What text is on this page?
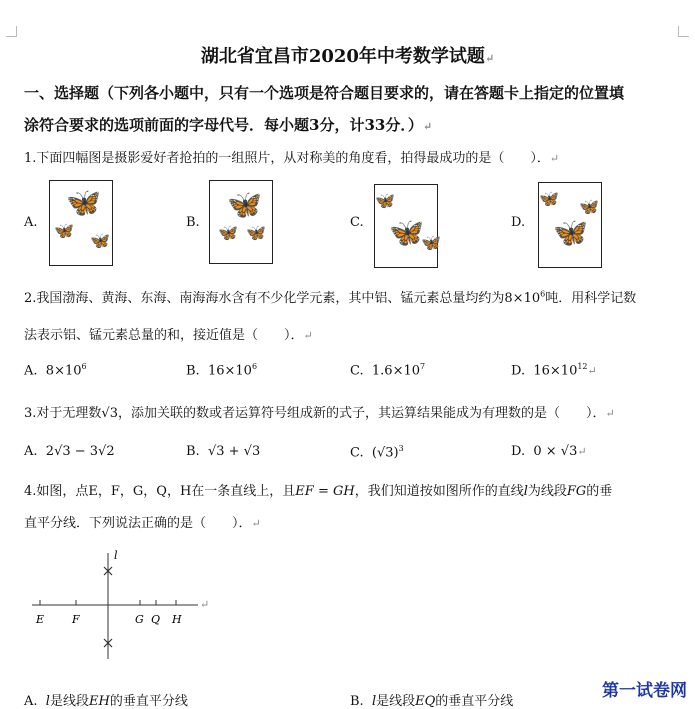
湖北省宜昌市2020年中考数学试题↵
一、选择题（下列各小题中，只有一个选项是符合题目要求的，请在答题卡上指定的位置填
涂符合要求的选项前面的字母代号．每小题3分，计33分．）↵
1.下面四幅图是摄影爱好者抢拍的一组照片，从对称美的角度看，拍得最成功的是（　　）．↵
A.
🦋
🦋
🦋
B.
🦋
🦋 🦋
C.
🦋
🦋
🦋
D.
🦋 🦋
🦋
2.我国渤海、黄海、东海、南海海水含有不少化学元素，其中铝、锰元素总量均约为$8\times 10^6$吨．用科学记数
法表示铝、锰元素总量的和，接近值是（　　）．↵
A. $8\times 10^6$	B. $16\times 10^6$	C. $1.6\times 10^7$	D. $16\times 10^{12}↵$
3.对于无理数√3，添加关联的数或者运算符号组成新的式子，其运算结果能成为有理数的是（　　）．↵
A. 2√3 − 3√2	B. √3 + √3	C. $(√3)^3$	D. 0 × √3↵
4.如图，点E，F，G，Q，H在一条直线上，且EF = GH，我们知道按如图所作的直线l为线段FG的垂
直平分线．下列说法正确的是（　　）．↵
l
E	F	G Q H
↵
A. l是线段EH的垂直平分线	B. l是线段EQ的垂直平分线
第一试卷网
